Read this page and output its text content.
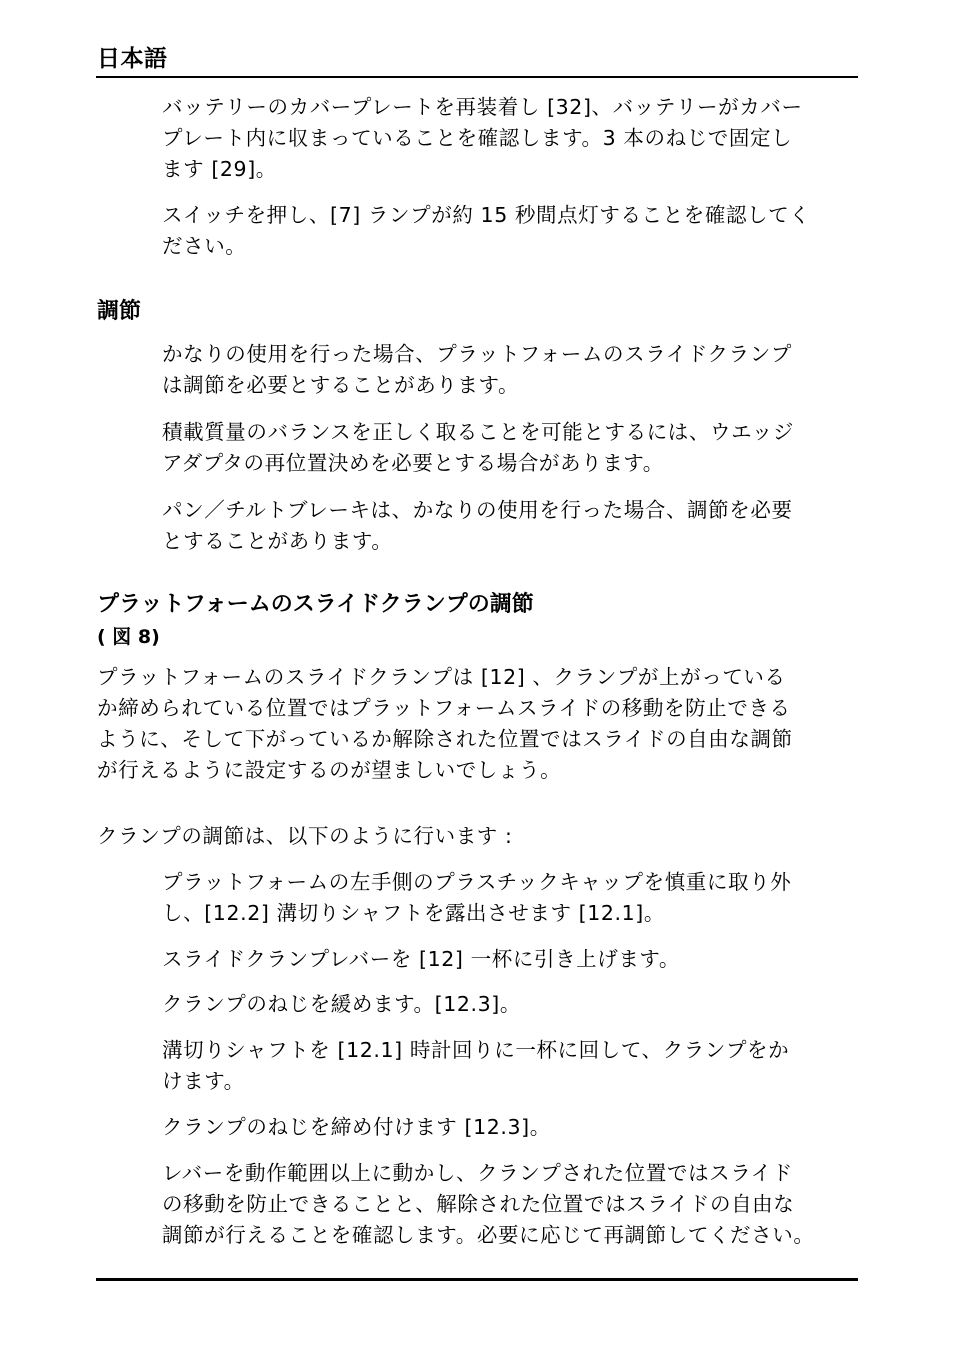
日本語

バッテリーのカバープレートを再装着し [32]、バッテリーがカバー
プレート内に収まっていることを確認します。3 本のねじで固定し
ます [29]。

スイッチを押し、[7] ランプが約 15 秒間点灯することを確認してく
ださい。

調節

かなりの使用を行った場合、プラットフォームのスライドクランプ
は調節を必要とすることがあります。

積載質量のバランスを正しく取ることを可能とするには、ウエッジ
アダプタの再位置決めを必要とする場合があります。

パン／チルトブレーキは、かなりの使用を行った場合、調節を必要
とすることがあります。

プラットフォームのスライドクランプの調節
( 図 8)

プラットフォームのスライドクランプは [12] 、クランプが上がっている
か締められている位置ではプラットフォームスライドの移動を防止できる
ように、そして下がっているか解除された位置ではスライドの自由な調節
が行えるように設定するのが望ましいでしょう。

クランプの調節は、以下のように行います :

プラットフォームの左手側のプラスチックキャップを慎重に取り外
し、[12.2] 溝切りシャフトを露出させます [12.1]。

スライドクランプレバーを [12] 一杯に引き上げます。

クランプのねじを緩めます。[12.3]。

溝切りシャフトを [12.1] 時計回りに一杯に回して、クランプをか
けます。

クランプのねじを締め付けます [12.3]。

レバーを動作範囲以上に動かし、クランプされた位置ではスライド
の移動を防止できることと、解除された位置ではスライドの自由な
調節が行えることを確認します。必要に応じて再調節してください。
